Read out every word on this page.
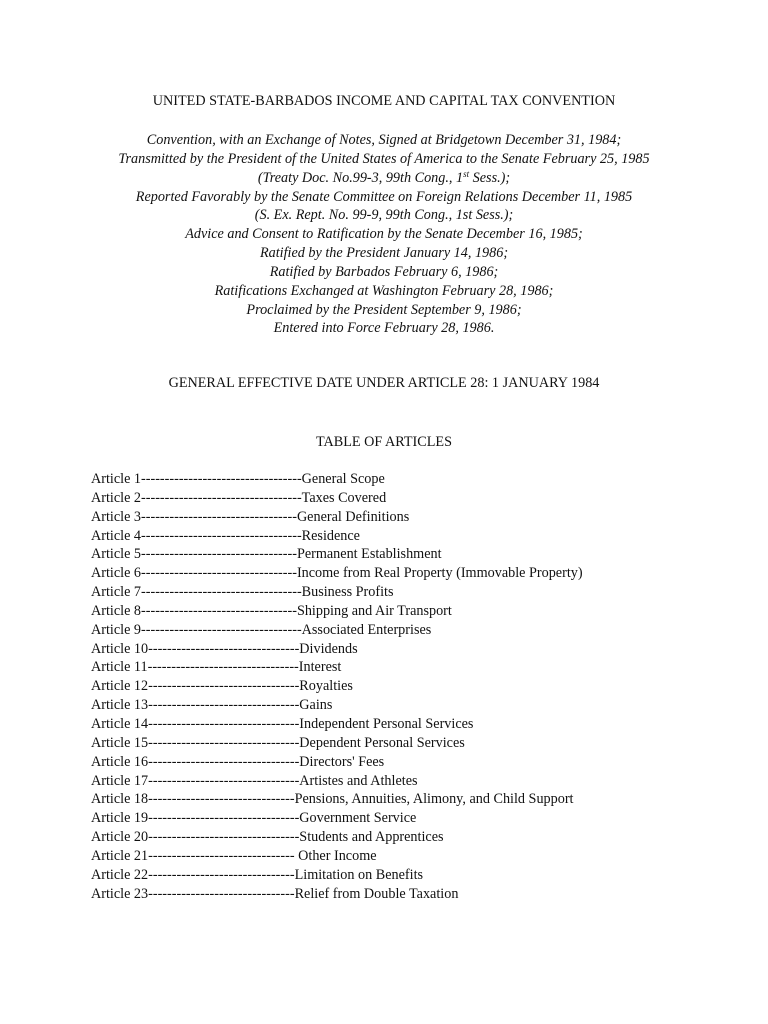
UNITED STATE-BARBADOS INCOME AND CAPITAL TAX CONVENTION
Convention, with an Exchange of Notes, Signed at Bridgetown December 31, 1984;
Transmitted by the President of the United States of America to the Senate February 25, 1985
(Treaty Doc. No.99-3, 99th Cong., 1st Sess.);
Reported Favorably by the Senate Committee on Foreign Relations December 11, 1985
(S. Ex. Rept. No. 99-9, 99th Cong., 1st Sess.);
Advice and Consent to Ratification by the Senate December 16, 1985;
Ratified by the President January 14, 1986;
Ratified by Barbados February 6, 1986;
Ratifications Exchanged at Washington February 28, 1986;
Proclaimed by the President September 9, 1986;
Entered into Force February 28, 1986.
GENERAL EFFECTIVE DATE UNDER ARTICLE 28: 1 JANUARY 1984
TABLE OF ARTICLES
Article 1----------------------------------General Scope
Article 2----------------------------------Taxes Covered
Article 3---------------------------------General Definitions
Article 4----------------------------------Residence
Article 5---------------------------------Permanent Establishment
Article 6---------------------------------Income from Real Property (Immovable Property)
Article 7----------------------------------Business Profits
Article 8---------------------------------Shipping and Air Transport
Article 9----------------------------------Associated Enterprises
Article 10--------------------------------Dividends
Article 11--------------------------------Interest
Article 12--------------------------------Royalties
Article 13--------------------------------Gains
Article 14--------------------------------Independent Personal Services
Article 15--------------------------------Dependent Personal Services
Article 16--------------------------------Directors' Fees
Article 17--------------------------------Artistes and Athletes
Article 18-------------------------------Pensions, Annuities, Alimony, and Child Support
Article 19--------------------------------Government Service
Article 20--------------------------------Students and Apprentices
Article 21------------------------------- Other Income
Article 22-------------------------------Limitation on Benefits
Article 23-------------------------------Relief from Double Taxation
